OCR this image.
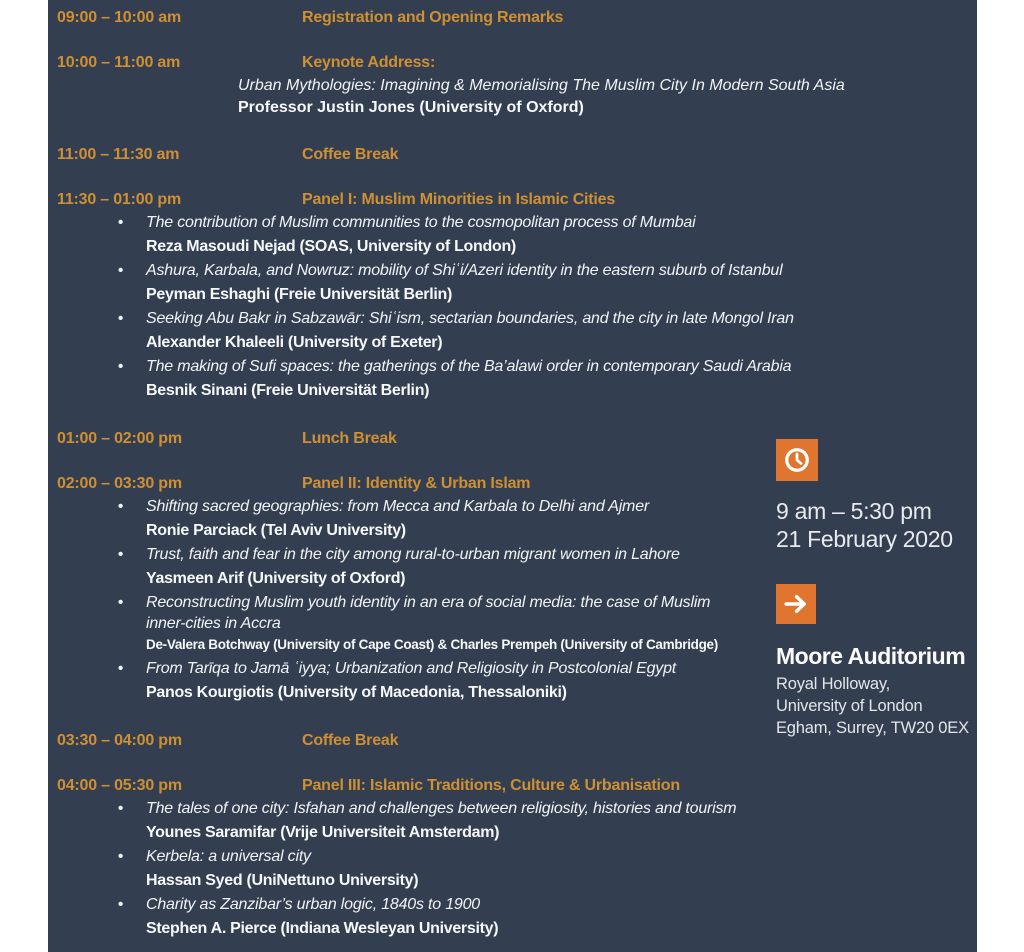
09:00 – 10:00 am	Registration and Opening Remarks
10:00 – 11:00 am	Keynote Address:
Urban Mythologies: Imagining & Memorialising The Muslim City In Modern South Asia
Professor Justin Jones (University of Oxford)
11:00 – 11:30 am	Coffee Break
11:30 – 01:00 pm	Panel I: Muslim Minorities in Islamic Cities
•	The contribution of Muslim communities to the cosmopolitan process of Mumbai
Reza Masoudi Nejad (SOAS, University of London)
•	Ashura, Karbala, and Nowruz: mobility of Shiʿi/Azeri identity in the eastern suburb of Istanbul
Peyman Eshaghi (Freie Universität Berlin)
•	Seeking Abu Bakr in Sabzawār: Shiʿism, sectarian boundaries, and the city in late Mongol Iran
Alexander Khaleeli (University of Exeter)
•	The making of Sufi spaces: the gatherings of the Ba’alawi order in contemporary Saudi Arabia
Besnik Sinani (Freie Universität Berlin)
01:00 – 02:00 pm	Lunch Break
02:00 – 03:30 pm	Panel II: Identity & Urban Islam
•	Shifting sacred geographies: from Mecca and Karbala to Delhi and Ajmer
Ronie Parciack (Tel Aviv University)
•	Trust, faith and fear in the city among rural-to-urban migrant women in Lahore
Yasmeen Arif (University of Oxford)
•	Reconstructing Muslim youth identity in an era of social media: the case of Muslim
inner-cities in Accra
De-Valera Botchway (University of Cape Coast) & Charles Prempeh (University of Cambridge)
•	From Tarīqa to Jamā ʿiyya; Urbanization and Religiosity in Postcolonial Egypt
Panos Kourgiotis (University of Macedonia, Thessaloniki)
03:30 – 04:00 pm	Coffee Break
04:00 – 05:30 pm	Panel III: Islamic Traditions, Culture & Urbanisation
•	The tales of one city: Isfahan and challenges between religiosity, histories and tourism
Younes Saramifar (Vrije Universiteit Amsterdam)
•	Kerbela: a universal city
Hassan Syed (UniNettuno University)
•	Charity as Zanzibar’s urban logic, 1840s to 1900
Stephen A. Pierce (Indiana Wesleyan University)
9 am – 5:30 pm
21 February 2020
Moore Auditorium
Royal Holloway,
University of London
Egham, Surrey, TW20 0EX
